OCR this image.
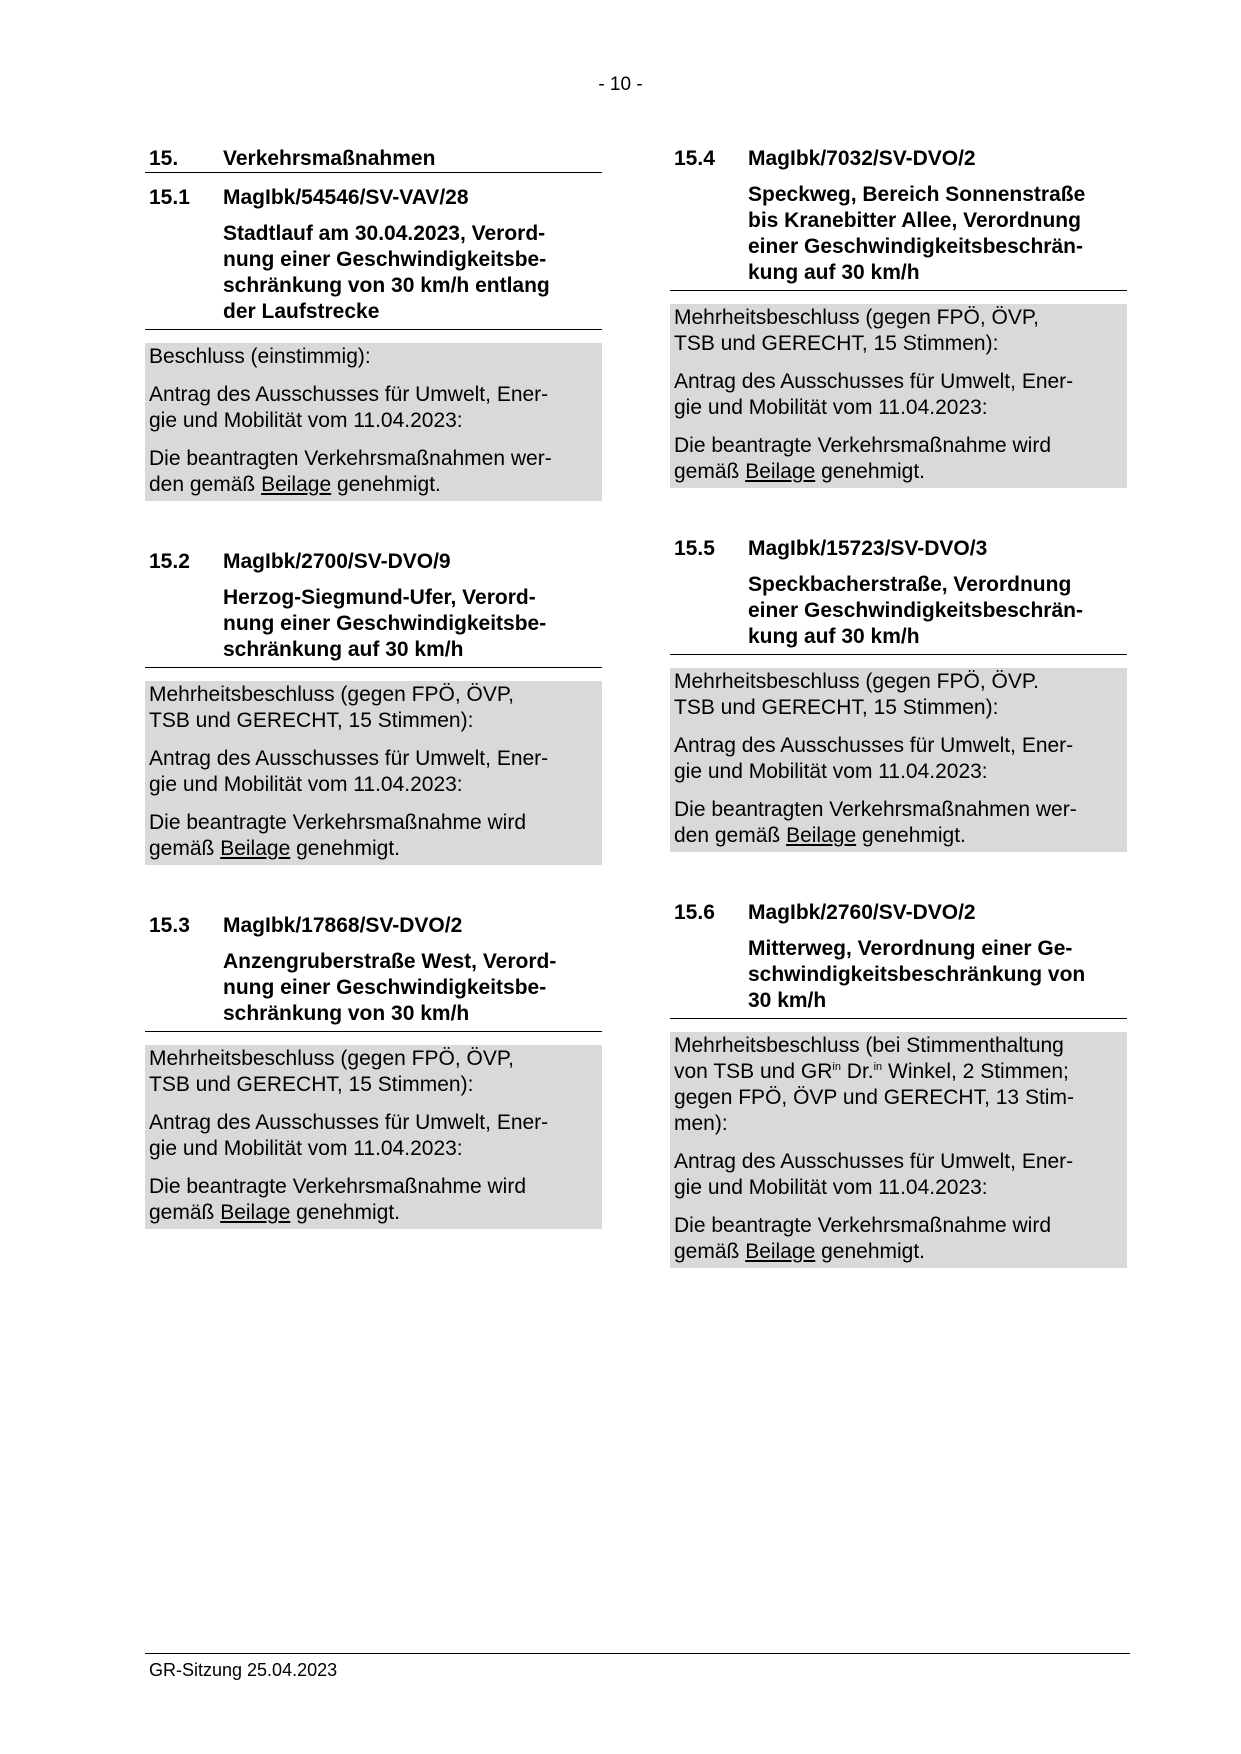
- 10 -
15.	Verkehrsmaßnahmen
15.1	MagIbk/54546/SV-VAV/28
Stadtlauf am 30.04.2023, Verord-
nung einer Geschwindigkeitsbe-
schränkung von 30 km/h entlang
der Laufstrecke

Beschluss (einstimmig):

Antrag des Ausschusses für Umwelt, Ener-
gie und Mobilität vom 11.04.2023:

Die beantragten Verkehrsmaßnahmen wer-
den gemäß Beilage genehmigt.

15.2	MagIbk/2700/SV-DVO/9
Herzog-Siegmund-Ufer, Verord-
nung einer Geschwindigkeitsbe-
schränkung auf 30 km/h

Mehrheitsbeschluss (gegen FPÖ, ÖVP,
TSB und GERECHT, 15 Stimmen):

Antrag des Ausschusses für Umwelt, Ener-
gie und Mobilität vom 11.04.2023:

Die beantragte Verkehrsmaßnahme wird
gemäß Beilage genehmigt.

15.3	MagIbk/17868/SV-DVO/2
Anzengruberstraße West, Verord-
nung einer Geschwindigkeitsbe-
schränkung von 30 km/h

Mehrheitsbeschluss (gegen FPÖ, ÖVP,
TSB und GERECHT, 15 Stimmen):

Antrag des Ausschusses für Umwelt, Ener-
gie und Mobilität vom 11.04.2023:

Die beantragte Verkehrsmaßnahme wird
gemäß Beilage genehmigt.

15.4	MagIbk/7032/SV-DVO/2
Speckweg, Bereich Sonnenstraße
bis Kranebitter Allee, Verordnung
einer Geschwindigkeitsbeschrän-
kung auf 30 km/h

Mehrheitsbeschluss (gegen FPÖ, ÖVP,
TSB und GERECHT, 15 Stimmen):

Antrag des Ausschusses für Umwelt, Ener-
gie und Mobilität vom 11.04.2023:

Die beantragte Verkehrsmaßnahme wird
gemäß Beilage genehmigt.

15.5	MagIbk/15723/SV-DVO/3
Speckbacherstraße, Verordnung
einer Geschwindigkeitsbeschrän-
kung auf 30 km/h

Mehrheitsbeschluss (gegen FPÖ, ÖVP.
TSB und GERECHT, 15 Stimmen):

Antrag des Ausschusses für Umwelt, Ener-
gie und Mobilität vom 11.04.2023:

Die beantragten Verkehrsmaßnahmen wer-
den gemäß Beilage genehmigt.

15.6	MagIbk/2760/SV-DVO/2
Mitterweg, Verordnung einer Ge-
schwindigkeitsbeschränkung von
30 km/h

Mehrheitsbeschluss (bei Stimmenthaltung
von TSB und $GR^{in}$ Dr.$^{in}$ Winkel, 2 Stimmen;
gegen FPÖ, ÖVP und GERECHT, 13 Stim-
men):

Antrag des Ausschusses für Umwelt, Ener-
gie und Mobilität vom 11.04.2023:

Die beantragte Verkehrsmaßnahme wird
gemäß Beilage genehmigt.

GR-Sitzung 25.04.2023
